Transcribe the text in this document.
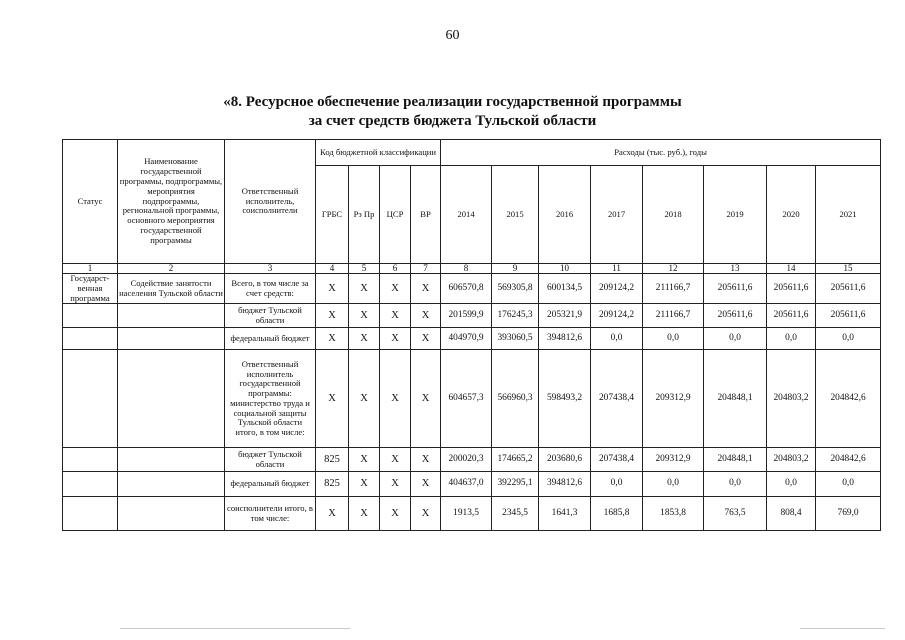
60
«8. Ресурсное обеспечение реализации государственной программы
за счет средств бюджета Тульской области
Статус	Наименование государственной программы, подпрограммы, мероприятия подпрограммы, региональной программы, основного мероприятия государственной программы	Ответственный исполнитель, соисполнители	Код бюджетной классификации				Расходы (тыс. руб.), годы							
			ГРБС	Рз Пр	ЦСР	ВР	2014	2015	2016	2017	2018	2019	2020	2021
1	2	3	4	5	6	7	8	9	10	11	12	13	14	15
Государст-венная программа	Содействие занятости населения Тульской области	Всего, в том числе за счет средств:	X	X	X	X	606570,8	569305,8	600134,5	209124,2	211166,7	205611,6	205611,6	205611,6
		бюджет Тульской области	X	X	X	X	201599,9	176245,3	205321,9	209124,2	211166,7	205611,6	205611,6	205611,6
		федеральный бюджет	X	X	X	X	404970,9	393060,5	394812,6	0,0	0,0	0,0	0,0	0,0
		Ответственный исполнитель государственной программы: министерство труда и социальной защиты Тульской области итого, в том числе:	X	X	X	X	604657,3	566960,3	598493,2	207438,4	209312,9	204848,1	204803,2	204842,6
		бюджет Тульской области	825	X	X	X	200020,3	174665,2	203680,6	207438,4	209312,9	204848,1	204803,2	204842,6
		федеральный бюджет	825	X	X	X	404637,0	392295,1	394812,6	0,0	0,0	0,0	0,0	0,0
		соисполнители итого, в том числе:	X	X	X	X	1913,5	2345,5	1641,3	1685,8	1853,8	763,5	808,4	769,0
